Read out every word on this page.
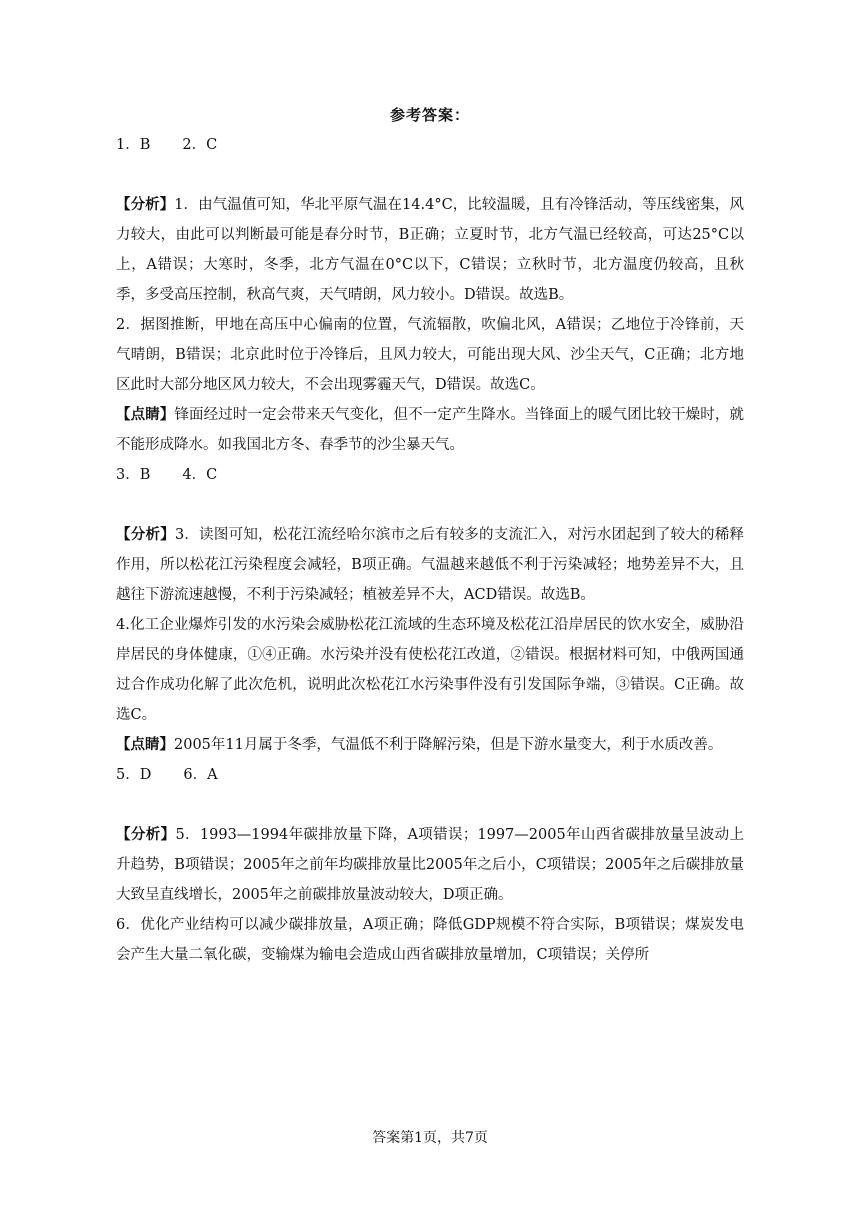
参考答案：

1．B 2．C

【分析】1．由气温值可知，华北平原气温在14.4°C，比较温暖，且有冷锋活动，等压线密集，风力较大，由此可以判断最可能是春分时节，B正确；立夏时节，北方气温已经较高，可达25°C以上，A错误；大寒时，冬季，北方气温在0°C以下，C错误；立秋时节，北方温度仍较高，且秋季，多受高压控制，秋高气爽，天气晴朗，风力较小。D错误。故选B。

2．据图推断，甲地在高压中心偏南的位置，气流辐散，吹偏北风，A错误；乙地位于冷锋前，天气晴朗，B错误；北京此时位于冷锋后，且风力较大，可能出现大风、沙尘天气，C正确；北方地区此时大部分地区风力较大，不会出现雾霾天气，D错误。故选C。

【点睛】锋面经过时一定会带来天气变化，但不一定产生降水。当锋面上的暖气团比较干燥时，就不能形成降水。如我国北方冬、春季节的沙尘暴天气。

3．B 4．C

【分析】3．读图可知，松花江流经哈尔滨市之后有较多的支流汇入，对污水团起到了较大的稀释作用，所以松花江污染程度会减轻，B项正确。气温越来越低不利于污染减轻；地势差异不大，且越往下游流速越慢，不利于污染减轻；植被差异不大，ACD错误。故选B。

4.化工企业爆炸引发的水污染会威胁松花江流域的生态环境及松花江沿岸居民的饮水安全，威胁沿岸居民的身体健康，①④正确。水污染并没有使松花江改道，②错误。根据材料可知，中俄两国通过合作成功化解了此次危机，说明此次松花江水污染事件没有引发国际争端，③错误。C正确。故选C。

【点睛】2005年11月属于冬季，气温低不利于降解污染，但是下游水量变大，利于水质改善。

5．D 6．A

【分析】5．1993—1994年碳排放量下降，A项错误；1997—2005年山西省碳排放量呈波动上升趋势，B项错误；2005年之前年均碳排放量比2005年之后小，C项错误；2005年之后碳排放量大致呈直线增长，2005年之前碳排放量波动较大，D项正确。

6．优化产业结构可以减少碳排放量，A项正确；降低GDP规模不符合实际，B项错误；煤炭发电会产生大量二氧化碳，变输煤为输电会造成山西省碳排放量增加，C项错误；关停所

答案第1页，共7页
